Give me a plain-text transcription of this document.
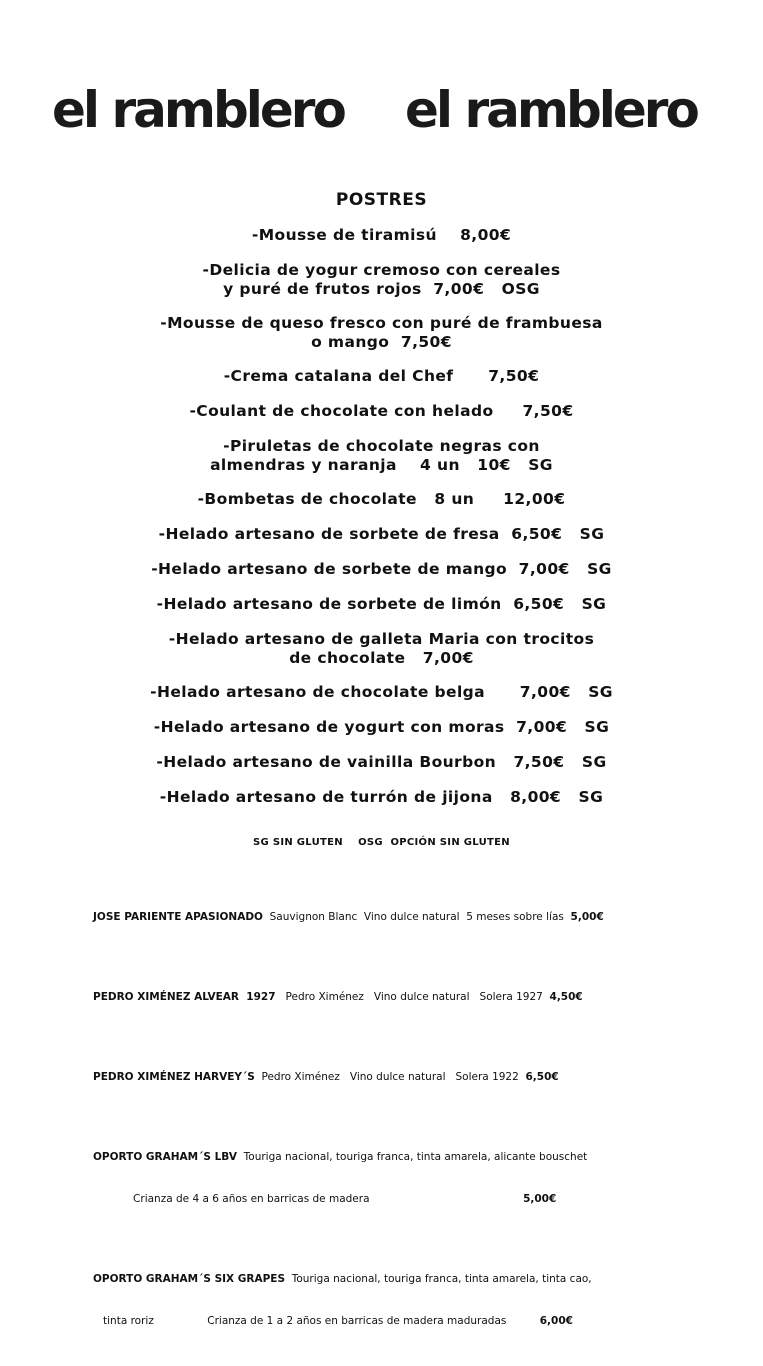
el ramblero el ramblero
POSTRES
-Mousse de tiramisú    8,00€
-Delicia de yogur cremoso con cereales
y puré de frutos rojos  7,00€   OSG
-Mousse de queso fresco con puré de frambuesa
o mango  7,50€
-Crema catalana del Chef      7,50€
-Coulant de chocolate con helado     7,50€
-Piruletas de chocolate negras con
almendras y naranja    4 un   10€   SG
-Bombetas de chocolate   8 un     12,00€
-Helado artesano de sorbete de fresa  6,50€   SG
-Helado artesano de sorbete de mango  7,00€   SG
-Helado artesano de sorbete de limón  6,50€   SG
-Helado artesano de galleta Maria con trocitos
de chocolate   7,00€
-Helado artesano de chocolate belga      7,00€   SG
-Helado artesano de yogurt con moras  7,00€   SG
-Helado artesano de vainilla Bourbon   7,50€   SG
-Helado artesano de turrón de jijona   8,00€   SG
SG SIN GLUTEN    OSG  OPCIÓN SIN GLUTEN

JOSE PARIENTE APASIONADO  Sauvignon Blanc  Vino dulce natural  5 meses sobre lías  5,00€

PEDRO XIMÉNEZ ALVEAR  1927   Pedro Ximénez   Vino dulce natural   Solera 1927  4,50€

PEDRO XIMÉNEZ HARVEY´S  Pedro Ximénez   Vino dulce natural   Solera 1922  6,50€

OPORTO GRAHAM´S LBV  Touriga nacional, touriga franca, tinta amarela, alicante bouschet

Crianza de 4 a 6 años en barricas de madera                                              5,00€

OPORTO GRAHAM´S SIX GRAPES  Touriga nacional, touriga franca, tinta amarela, tinta cao,

tinta roriz                Crianza de 1 a 2 años en barricas de madera maduradas          6,00€
